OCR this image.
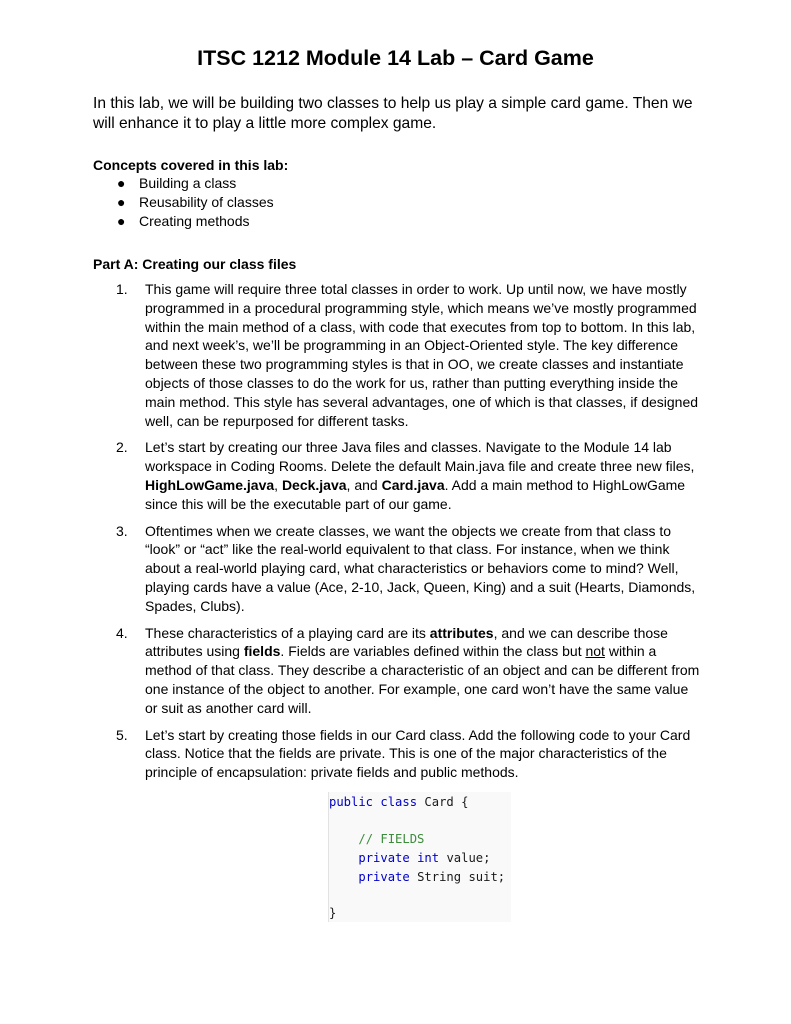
ITSC 1212 Module 14 Lab – Card Game

In this lab, we will be building two classes to help us play a simple card game. Then we will enhance it to play a little more complex game.

Concepts covered in this lab:

● Building a class
● Reusability of classes
● Creating methods

Part A: Creating our class files

1. This game will require three total classes in order to work. Up until now, we have mostly programmed in a procedural programming style, which means we’ve mostly programmed within the main method of a class, with code that executes from top to bottom. In this lab, and next week’s, we’ll be programming in an Object-Oriented style. The key difference between these two programming styles is that in OO, we create classes and instantiate objects of those classes to do the work for us, rather than putting everything inside the main method. This style has several advantages, one of which is that classes, if designed well, can be repurposed for different tasks.
2. Let’s start by creating our three Java files and classes. Navigate to the Module 14 lab workspace in Coding Rooms. Delete the default Main.java file and create three new files, HighLowGame.java, Deck.java, and Card.java. Add a main method to HighLowGame since this will be the executable part of our game.
3. Oftentimes when we create classes, we want the objects we create from that class to “look” or “act” like the real-world equivalent to that class. For instance, when we think about a real-world playing card, what characteristics or behaviors come to mind? Well, playing cards have a value (Ace, 2-10, Jack, Queen, King) and a suit (Hearts, Diamonds, Spades, Clubs).
4. These characteristics of a playing card are its attributes, and we can describe those attributes using fields. Fields are variables defined within the class but not within a method of that class. They describe a characteristic of an object and can be different from one instance of the object to another. For example, one card won’t have the same value or suit as another card will.
5. Let’s start by creating those fields in our Card class. Add the following code to your Card class. Notice that the fields are private. This is one of the major characteristics of the principle of encapsulation: private fields and public methods.
public class Card {
// FIELDS
private int value;
private String suit;
}
